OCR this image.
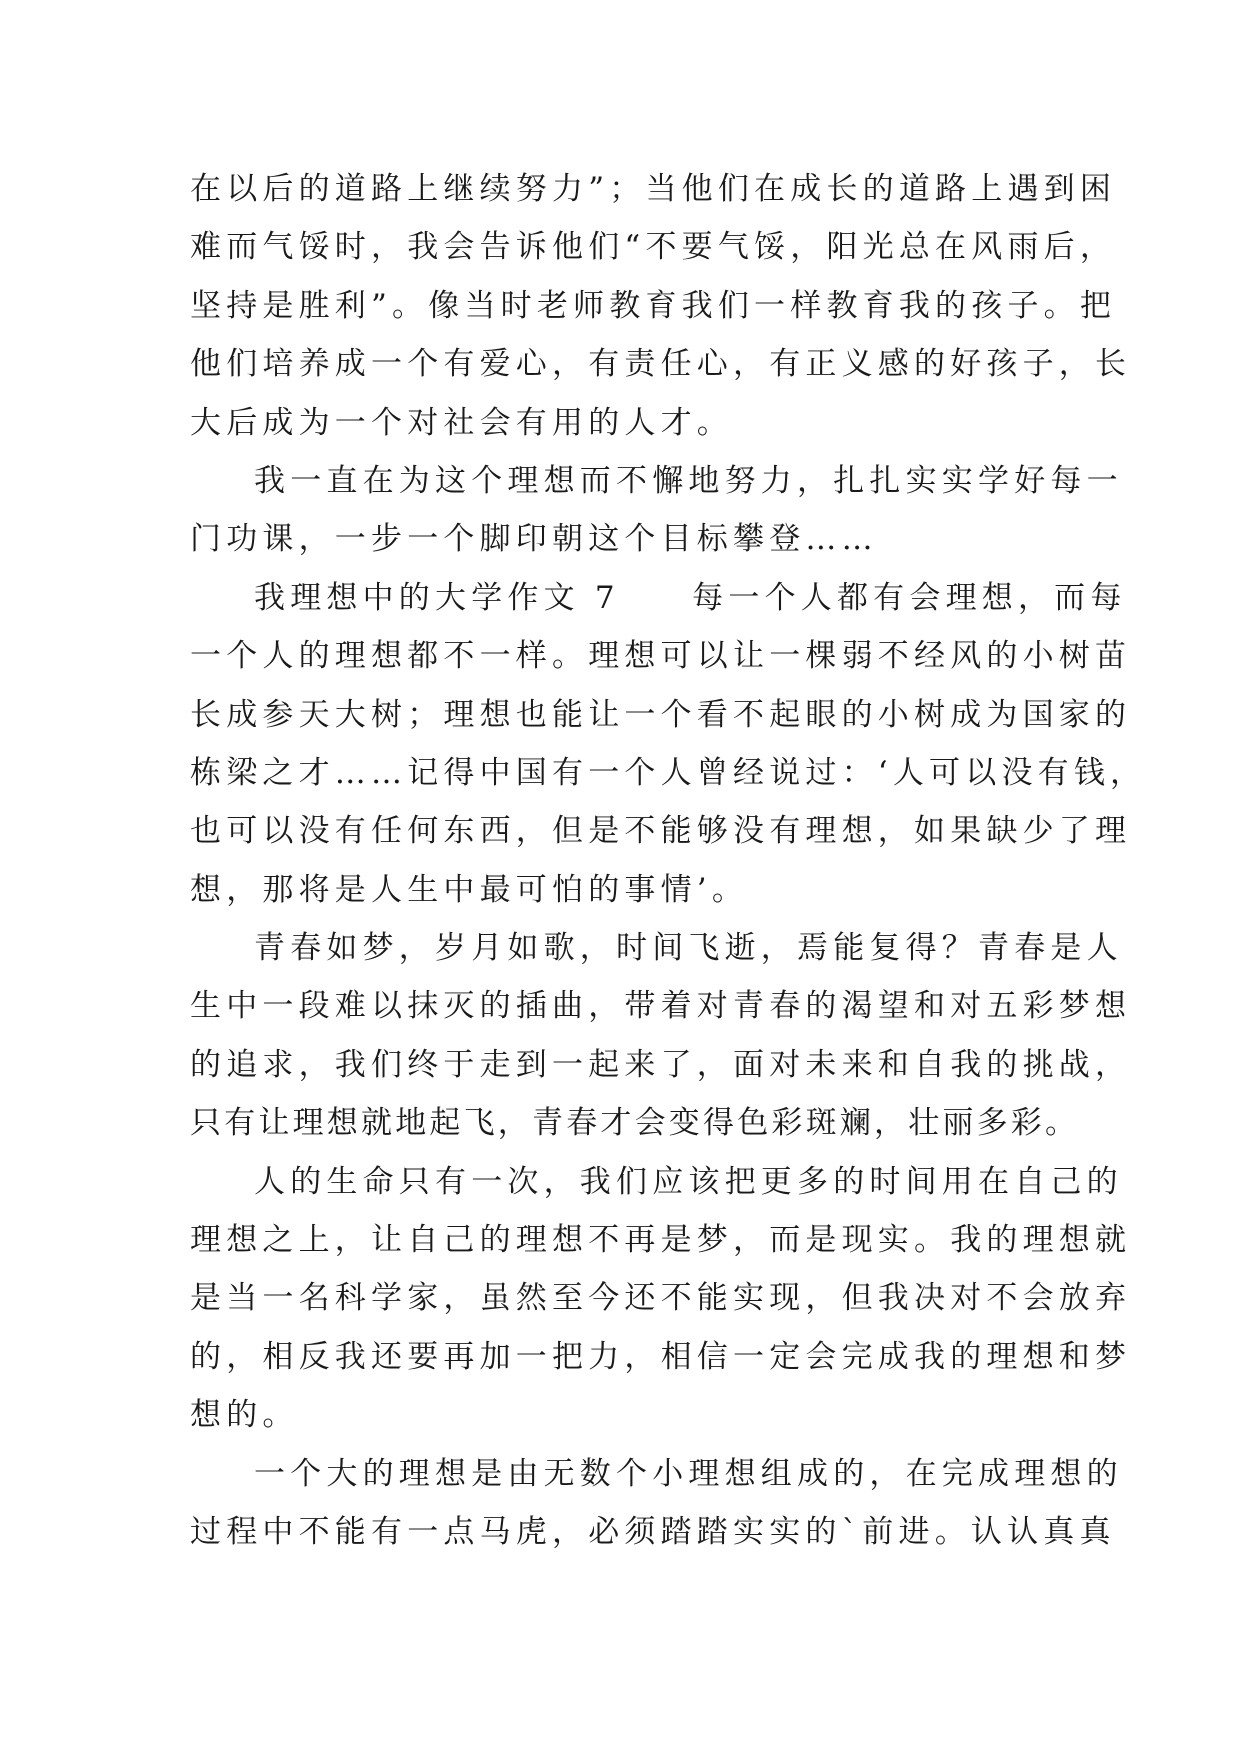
在以后的道路上继续努力”；当他们在成长的道路上遇到困
难而气馁时，我会告诉他们“不要气馁，阳光总在风雨后，
坚持是胜利”。像当时老师教育我们一样教育我的孩子。把
他们培养成一个有爱心，有责任心，有正义感的好孩子，长
大后成为一个对社会有用的人才。
我一直在为这个理想而不懈地努力，扎扎实实学好每一
门功课，一步一个脚印朝这个目标攀登……
我理想中的大学作文 7　　每一个人都有会理想，而每
一个人的理想都不一样。理想可以让一棵弱不经风的小树苗
长成参天大树；理想也能让一个看不起眼的小树成为国家的
栋梁之才……记得中国有一个人曾经说过：‘人可以没有钱，
也可以没有任何东西，但是不能够没有理想，如果缺少了理
想，那将是人生中最可怕的事情’。
青春如梦，岁月如歌，时间飞逝，焉能复得？青春是人
生中一段难以抹灭的插曲，带着对青春的渴望和对五彩梦想
的追求，我们终于走到一起来了，面对未来和自我的挑战，
只有让理想就地起飞，青春才会变得色彩斑斓，壮丽多彩。
人的生命只有一次，我们应该把更多的时间用在自己的
理想之上，让自己的理想不再是梦，而是现实。我的理想就
是当一名科学家，虽然至今还不能实现，但我决对不会放弃
的，相反我还要再加一把力，相信一定会完成我的理想和梦
想的。
一个大的理想是由无数个小理想组成的，在完成理想的
过程中不能有一点马虎，必须踏踏实实的`前进。认认真真
